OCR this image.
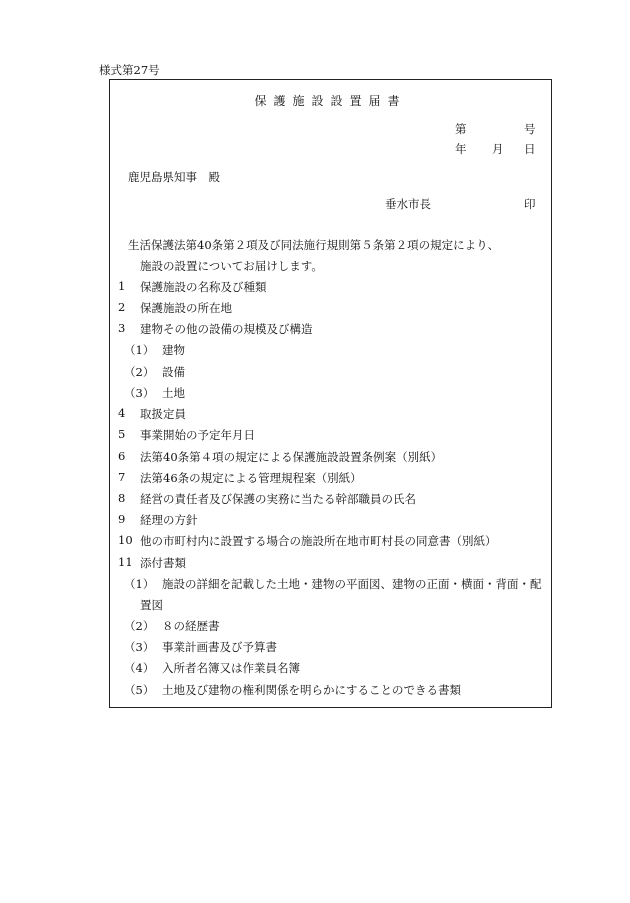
様式第27号
保護施設設置届書
第	号
年 月 日
鹿児島県知事　殿
垂水市長	印
生活保護法第40条第２項及び同法施行規則第５条第２項の規定により、
施設の設置についてお届けします。
1 保護施設の名称及び種類
2 保護施設の所在地
3 建物その他の設備の規模及び構造
（1） 建物
（2） 設備
（3） 土地
4 取扱定員
5 事業開始の予定年月日
6 法第40条第４項の規定による保護施設設置条例案（別紙）
7 法第46条の規定による管理規程案（別紙）
8 経営の責任者及び保護の実務に当たる幹部職員の氏名
9 経理の方針
10 他の市町村内に設置する場合の施設所在地市町村長の同意書（別紙）
11 添付書類
（1） 施設の詳細を記載した土地・建物の平面図、建物の正面・横面・背面・配
置図
（2） ８の経歴書
（3） 事業計画書及び予算書
（4） 入所者名簿又は作業員名簿
（5） 土地及び建物の権利関係を明らかにすることのできる書類
